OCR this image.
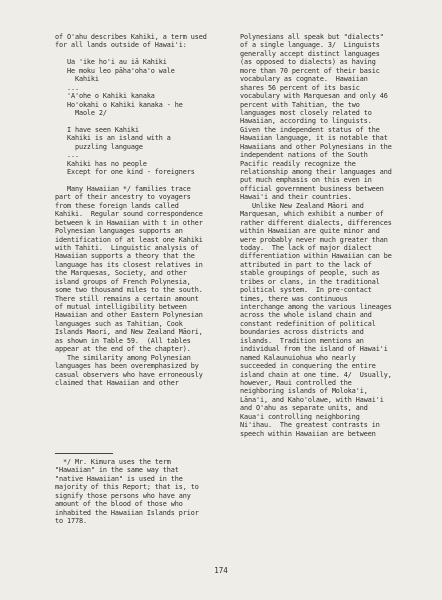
of O'ahu describes Kahiki, a term used
for all lands outside of Hawai'i:
Ua 'ike ho'i au iā Kahiki
He moku leo pāha'oha'o wale
Kahiki
...
'A'ohe o Kahiki kanaka
Ho'okahi o Kahiki kanaka - he
Maole 2/
I have seen Kahiki
Kahiki is an island with a
puzzling language
...
Kahiki has no people
Except for one kind - foreigners
Many Hawaiian */ families trace
part of their ancestry to voyagers
from these foreign lands called
Kahiki.  Regular sound correspondence
between k in Hawaiian with t in other
Polynesian languages supports an
identification of at least one Kahiki
with Tahiti.  Linguistic analysis of
Hawaiian supports a theory that the
language has its closest relatives in
the Marquesas, Society, and other
island groups of French Polynesia,
some two thousand miles to the south.
There still remains a certain amount
of mutual intelligibility between
Hawaiian and other Eastern Polynesian
languages such as Tahitian, Cook
Islands Maori, and New Zealand Māori,
as shown in Table 59.  (All tables
appear at the end of the chapter).
The similarity among Polynesian
languages has been overemphasized by
casual observers who have erroneously
claimed that Hawaiian and other
*/ Mr. Kimura uses the term
"Hawaiian" in the same way that
"native Hawaiian" is used in the
majority of this Report; that is, to
signify those persons who have any
amount of the blood of those who
inhabited the Hawaiian Islands prior
to 1778.
Polynesians all speak but "dialects"
of a single language. 3/  Linguists
generally accept distinct languages
(as opposed to dialects) as having
more than 70 percent of their basic
vocabulary as cognate.  Hawaiian
shares 56 percent of its basic
vocabulary with Marquesan and only 46
percent with Tahitian, the two
languages most closely related to
Hawaiian, according to linguists.
Given the independent status of the
Hawaiian language, it is notable that
Hawaiians and other Polynesians in the
independent nations of the South
Pacific readily recognize the
relationship among their languages and
put much emphasis on this even in
official government business between
Hawai'i and their countries.
Unlike New Zealand Māori and
Marquesan, which exhibit a number of
rather different dialects, differences
within Hawaiian are quite minor and
were probably never much greater than
today.  The lack of major dialect
differentiation within Hawaiian can be
attributed in part to the lack of
stable groupings of people, such as
tribes or clans, in the traditional
political system.  In pre-contact
times, there was continuous
interchange among the various lineages
across the whole island chain and
constant redefinition of political
boundaries across districts and
islands.  Tradition mentions an
individual from the island of Hawai'i
named Kalaunuiohua who nearly
succeeded in conquering the entire
island chain at one time. 4/  Usually,
however, Maui controlled the
neighboring islands of Moloka'i,
Lāna'i, and Kaho'olawe, with Hawai'i
and O'ahu as separate units, and
Kaua'i controlling neighboring
Ni'ihau.  The greatest contrasts in
speech within Hawaiian are between
174
